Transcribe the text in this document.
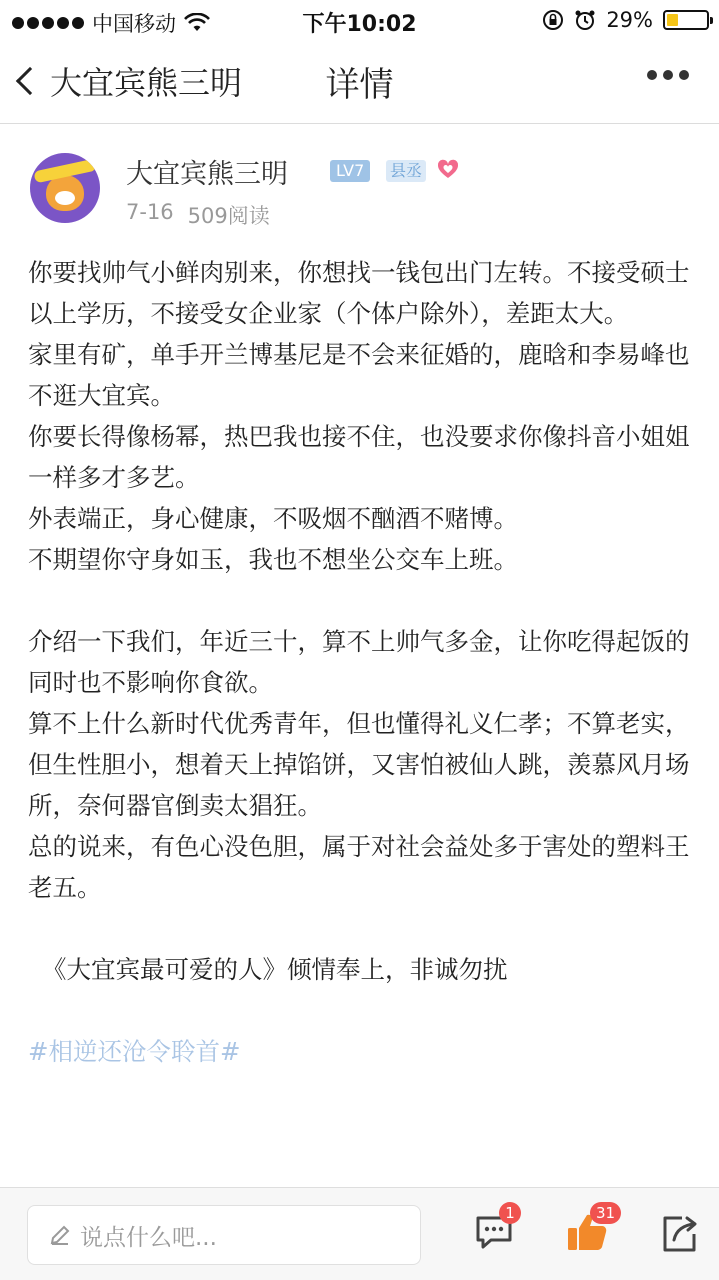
中国移动	下午10:02	29%
大宜宾熊三明	详情
大宜宾熊三明	LV7	县丞
7-16 509阅读
你要找帅气小鲜肉别来，你想找一钱包出门左转。不接受硕士以上学历，不接受女企业家（个体户除外），差距太大。
家里有矿，单手开兰博基尼是不会来征婚的，鹿晗和李易峰也不逛大宜宾。
你要长得像杨幂，热巴我也接不住，也没要求你像抖音小姐姐一样多才多艺。
外表端正，身心健康，不吸烟不酗酒不赌博。
不期望你守身如玉，我也不想坐公交车上班。
介绍一下我们，年近三十，算不上帅气多金，让你吃得起饭的同时也不影响你食欲。
算不上什么新时代优秀青年，但也懂得礼义仁孝；不算老实，但生性胆小，想着天上掉馅饼，又害怕被仙人跳，羡慕风月场所，奈何器官倒卖太猖狂。
总的说来，有色心没色胆，属于对社会益处多于害处的塑料王老五。
《大宜宾最可爱的人》倾情奉上，非诚勿扰
#相逆还沧令聆首#
说点什么吧...
1	31
